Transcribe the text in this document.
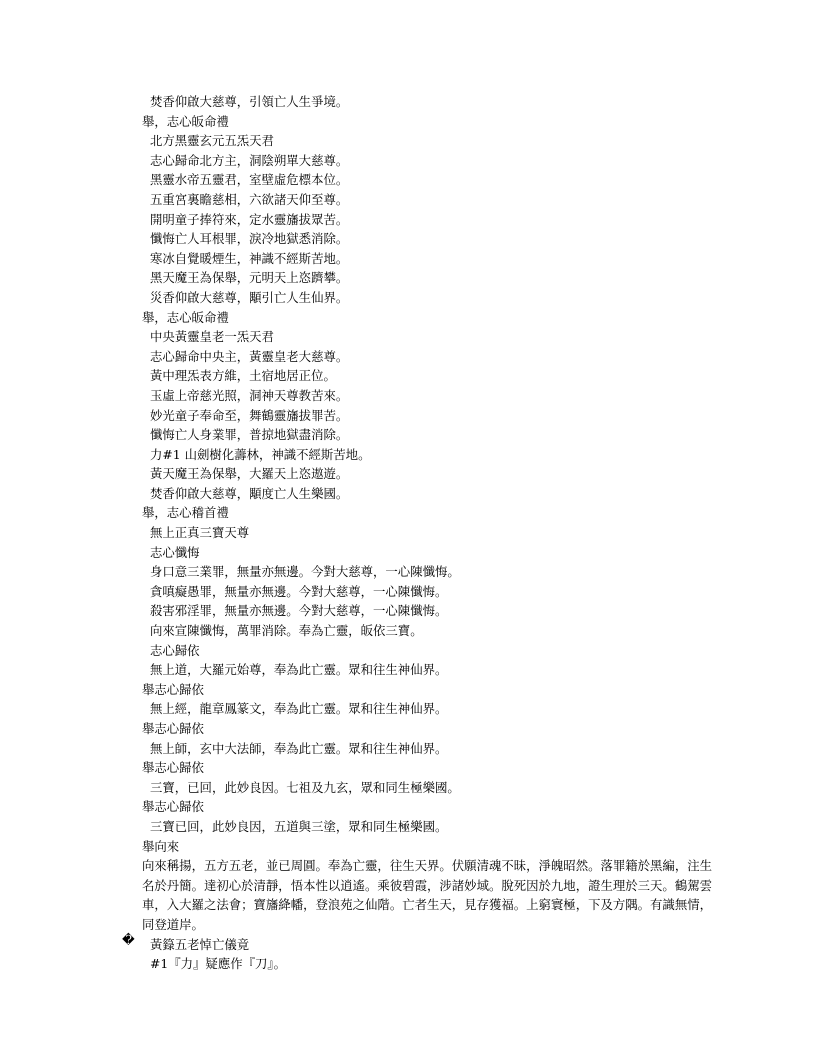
焚香仰啟大慈尊，引領亡人生爭境。
舉，志心皈命禮
北方黑靈玄元五炁天君
志心歸命北方主，洞陰朔單大慈尊。
黑靈水帝五靈君，室壁虛危標本位。
五重宮裏瞻慈相，六欲諸天仰至尊。
開明童子捧符來，定水靈旛拔眾苦。
懺悔亡人耳根罪，淚冷地獄悉消除。
寒冰自覺暖煙生，神識不經斯苦地。
黑天魔王為保舉，元明天上恣躋攀。
災香仰啟大慈尊，顒引亡人生仙界。
舉，志心皈命禮
中央黃靈皇老一炁天君
志心歸命中央主，黃靈皇老大慈尊。
黃中理炁表方維，土宿地居正位。
玉虛上帝慈光照，洞神天尊教苦來。
妙光童子奉命至，舞鶴靈旛拔罪苦。
懺悔亡人身業罪，普掠地獄盡消除。
力#1 山劍樹化薵林，神識不經斯苦地。
黃天魔王為保舉，大羅天上恣遨遊。
焚香仰啟大慈尊，顒度亡人生樂國。
舉，志心稽首禮
無上正真三寶天尊
志心懺悔
身口意三業罪，無量亦無邊。今對大慈尊，一心陳懺悔。
貪嗔癡愚罪，無量亦無邊。今對大慈尊，一心陳懺悔。
殺害邪淫罪，無量亦無邊。今對大慈尊，一心陳懺悔。
向來宣陳懺悔，萬罪消除。奉為亡靈，皈依三寶。
志心歸依
無上道，大羅元始尊，奉為此亡靈。眾和往生神仙界。
舉志心歸依
無上經，龍章鳳篆文，奉為此亡靈。眾和往生神仙界。
舉志心歸依
無上師，玄中大法師，奉為此亡靈。眾和往生神仙界。
舉志心歸依
三寶，已回，此妙良因。七祖及九玄，眾和同生極樂國。
舉志心歸依
三寶已回，此妙良因，五道與三塗，眾和同生極樂國。
舉向來
向來稱揚，五方五老，並已周圓。奉為亡靈，往生天界。伏願清魂不昧，淨魄昭然。落罪籍於黑編，注生名於丹簡。達初心於清靜，悟本性以逍遙。乘彼碧霞，涉諸妙域。脫死因於九地，證生理於三天。鶴駕雲車，入大羅之法會；寶旛絳幡，登浪苑之仙階。亡者生天，見存獲福。上窮寰極，下及方隅。有識無情，同登道岸。
黃籙五老悼亡儀竟
#1『力』疑應作『刀』。
�
